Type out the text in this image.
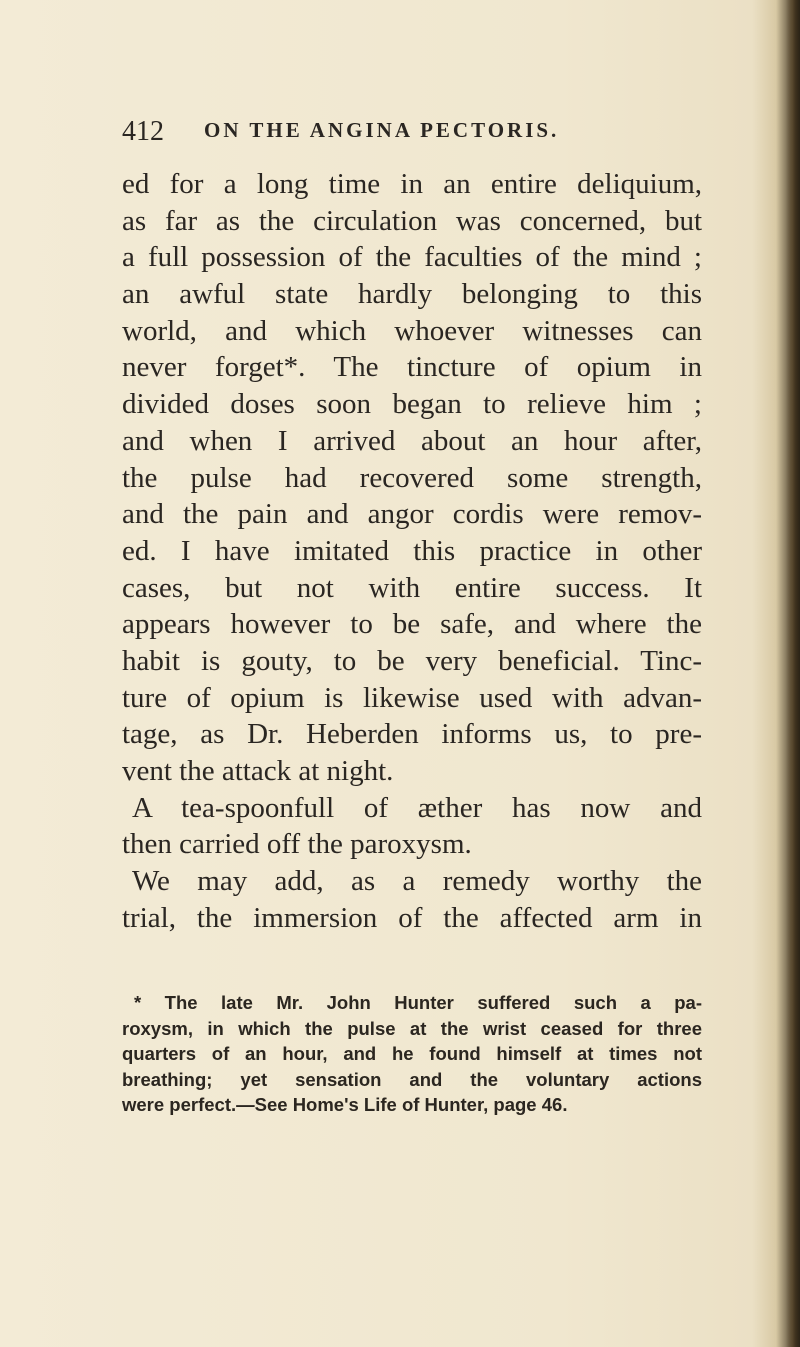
412 ON THE ANGINA PECTORIS.
ed for a long time in an entire deliquium,
as far as the circulation was concerned, but
a full possession of the faculties of the mind ;
an awful state hardly belonging to this
world, and which whoever witnesses can
never forget*. The tincture of opium in
divided doses soon began to relieve him ;
and when I arrived about an hour after,
the pulse had recovered some strength,
and the pain and angor cordis were remov-
ed. I have imitated this practice in other
cases, but not with entire success. It
appears however to be safe, and where the
habit is gouty, to be very beneficial. Tinc-
ture of opium is likewise used with advan-
tage, as Dr. Heberden informs us, to pre-
vent the attack at night.
A tea-spoonfull of æther has now and
then carried off the paroxysm.
We may add, as a remedy worthy the
trial, the immersion of the affected arm in
* The late Mr. John Hunter suffered such a pa-
roxysm, in which the pulse at the wrist ceased for three
quarters of an hour, and he found himself at times not
breathing; yet sensation and the voluntary actions
were perfect.—See Home's Life of Hunter, page 46.
